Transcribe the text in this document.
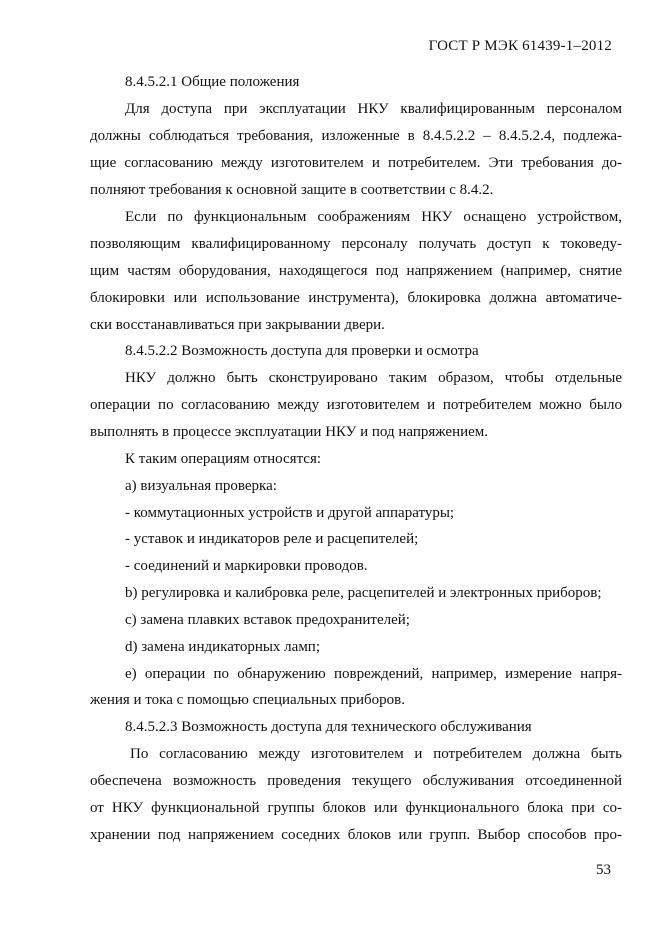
ГОСТ Р МЭК 61439-1–2012
8.4.5.2.1 Общие положения
Для доступа при эксплуатации НКУ квалифицированным персоналом
должны соблюдаться требования, изложенные в 8.4.5.2.2 – 8.4.5.2.4, подлежа-
щие согласованию между изготовителем и потребителем. Эти требования до-
полняют требования к основной защите в соответствии с 8.4.2.
Если по функциональным соображениям НКУ оснащено устройством,
позволяющим квалифицированному персоналу получать доступ к токоведу-
щим частям оборудования, находящегося под напряжением (например, снятие
блокировки или использование инструмента), блокировка должна автоматиче-
ски восстанавливаться при закрывании двери.
8.4.5.2.2 Возможность доступа для проверки и осмотра
НКУ должно быть сконструировано таким образом, чтобы отдельные
операции по согласованию между изготовителем и потребителем можно было
выполнять в процессе эксплуатации НКУ и под напряжением.
К таким операциям относятся:
a) визуальная проверка:
- коммутационных устройств и другой аппаратуры;
- уставок и индикаторов реле и расцепителей;
- соединений и маркировки проводов.
b) регулировка и калибровка реле, расцепителей и электронных приборов;
c) замена плавких вставок предохранителей;
d) замена индикаторных ламп;
e) операции по обнаружению повреждений, например, измерение напря-
жения и тока с помощью специальных приборов.
8.4.5.2.3 Возможность доступа для технического обслуживания
По согласованию между изготовителем и потребителем должна быть
обеспечена возможность проведения текущего обслуживания отсоединенной
от НКУ функциональной группы блоков или функционального блока при со-
хранении под напряжением соседних блоков или групп. Выбор способов про-
53
